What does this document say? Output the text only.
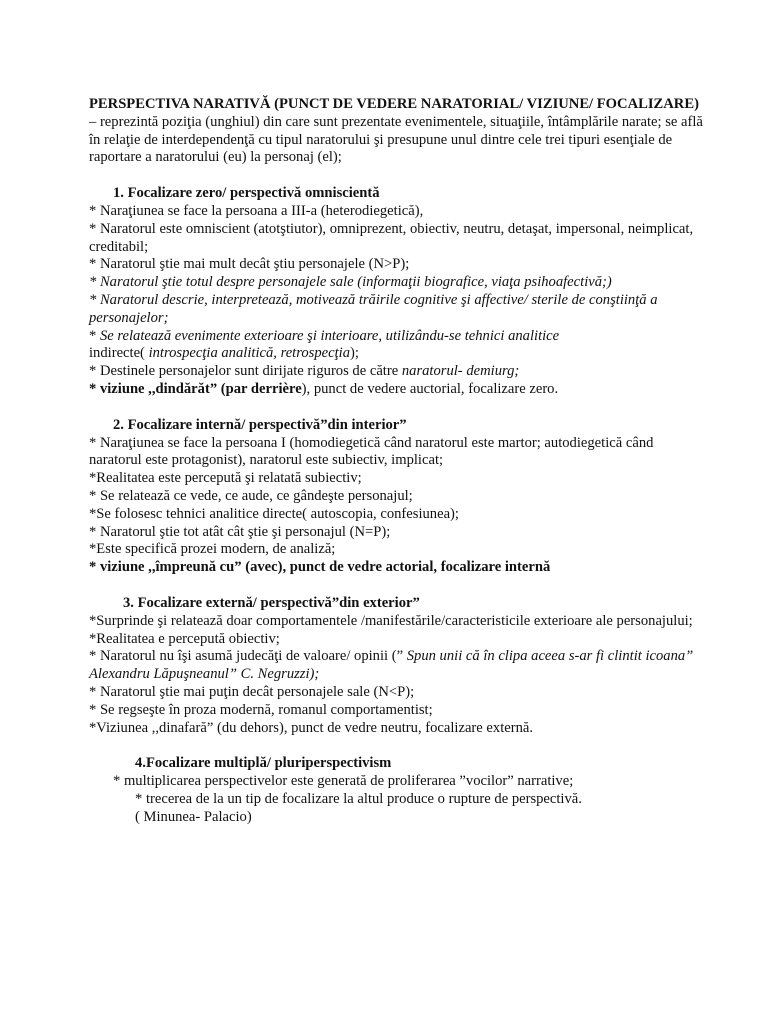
PERSPECTIVA NARATIVĂ (PUNCT DE VEDERE NARATORIAL/ VIZIUNE/ FOCALIZARE) – reprezintă poziţia (unghiul) din care sunt prezentate evenimentele, situaţiile, întâmplările narate; se află în relaţie de interdependenţă cu tipul naratorului şi presupune unul dintre cele trei tipuri esenţiale de raportare a naratorului (eu) la personaj (el);

1. Focalizare zero/ perspectivă omniscientă

* Naraţiunea se face la persoana a III-a (heterodiegetică),

* Naratorul este omniscient (atotştiutor), omniprezent, obiectiv, neutru, detaşat, impersonal, neimplicat, creditabil;

* Naratorul ştie mai mult decât ştiu personajele (N>P);

* Naratorul ştie totul despre personajele sale (informaţii biografice, viaţa psihoafectivă;)

* Naratorul descrie, interpretează, motivează trăirile cognitive şi affective/ sterile de conştiinţă a personajelor;

* Se relatează evenimente exterioare şi interioare, utilizându-se tehnici analitice

indirecte( introspecţia analitică, retrospecţia);

* Destinele personajelor sunt dirijate riguros de către naratorul- demiurg;

* viziune ,,dindărăt” (par derrière), punct de vedere auctorial, focalizare zero.

2. Focalizare internă/ perspectivă”din interior”

* Naraţiunea se face la persoana I (homodiegetică când naratorul este martor; autodiegetică când naratorul este protagonist), naratorul este subiectiv, implicat;

*Realitatea este percepută şi relatată subiectiv;

* Se relatează ce vede, ce aude, ce gândeşte personajul;

*Se folosesc tehnici analitice directe( autoscopia, confesiunea);

* Naratorul ştie tot atât cât ştie şi personajul (N=P);

*Este specifică prozei modern, de analiză;

* viziune ,,împreună cu” (avec), punct de vedre actorial, focalizare internă

3. Focalizare externă/ perspectivă”din exterior”

*Surprinde şi relatează doar comportamentele /manifestările/caracteristicile exterioare ale personajului;

*Realitatea e percepută obiectiv;

* Naratorul nu îşi asumă judecăţi de valoare/ opinii (” Spun unii că în clipa aceea s-ar fi clintit icoana” Alexandru Lăpuşneanul” C. Negruzzi);

* Naratorul ştie mai puţin decât personajele sale (N<P);

* Se regseşte în proza modernă, romanul comportamentist;

*Viziunea ,,dinafară” (du dehors), punct de vedre neutru, focalizare externă.

4.Focalizare multiplă/ pluriperspectivism

* multiplicarea perspectivelor este generată de proliferarea ”vocilor” narrative;

* trecerea de la un tip de focalizare la altul produce o rupture de perspectivă.

( Minunea- Palacio)
